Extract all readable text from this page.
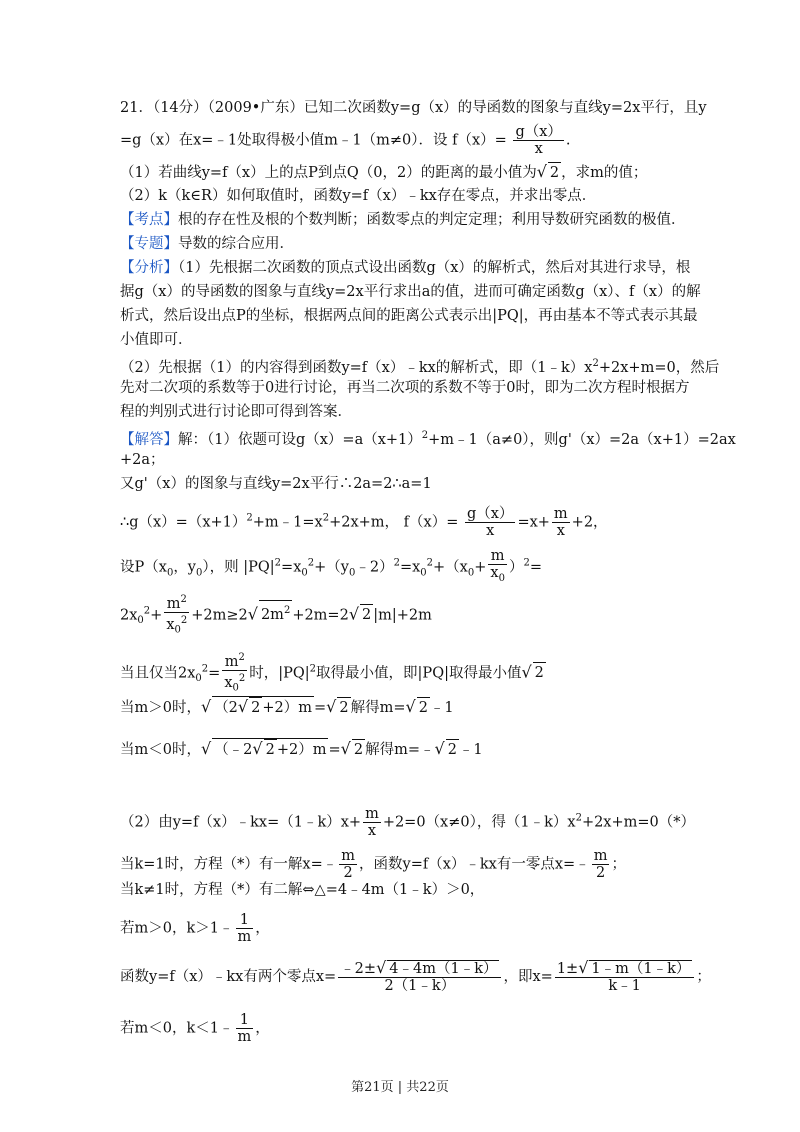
21．（14分）（2009•广东）已知二次函数y=g（x）的导函数的图象与直线y=2x平行，且y
=g（x）在x=﹣1处取得极小值m﹣1（m≠0）．设 $f(x)= \frac{g(x)}{x}$ .
（1）若曲线y=f（x）上的点P到点Q（0，2）的距离的最小值为√ 2 ，求m的值；
（2）k（k∈R）如何取值时，函数y=f（x）﹣kx存在零点，并求出零点．
【考点】根的存在性及根的个数判断；函数零点的判定定理；利用导数研究函数的极值．
【专题】导数的综合应用．
【分析】（1）先根据二次函数的顶点式设出函数g（x）的解析式，然后对其进行求导，根
据g（x）的导函数的图象与直线y=2x平行求出a的值，进而可确定函数g（x）、f（x）的解
析式，然后设出点P的坐标，根据两点间的距离公式表示出|PQ|，再由基本不等式表示其最
小值即可．
（2）先根据（1）的内容得到函数y=f（x）﹣kx的解析式，即$(1﹣k)x^2+2x+m=0$，然后
先对二次项的系数等于0进行讨论，再当二次项的系数不等于0时，即为二次方程时根据方
程的判别式进行讨论即可得到答案．
【解答】解：（1）依题可设$g(x)=a(x+1)^2+m﹣1(a\ne 0)$，则g'（x）=2a（x+1）=2ax
+2a；
又g'（x）的图象与直线y=2x平行∴2a=2∴a=1
$\therefore g(x)=(x+1)^2+m﹣1=x^2+2x+m$， $f(x)= \frac{g(x)}{x} =x+ \frac{m}{x} +2$，
设$P(x_0$，$y_0$），则 $|PQ|^2=x_0^2+(y_0﹣2)^2=x_0^2+(x_0+ \frac{m}{x_0} )^2=$
$2x_0^2+ \frac{m^2}{x_0^2} +2m\ge 2√$ $2m^2 +2m=2√$ 2 |m|+2m
当且仅当$2x_0^2= \frac{m^2}{x_0^2}$ 时，$|PQ|^2$取得最小值，即|PQ|取得最小值√ 2
当m＞0时，√ （2√ 2 +2）m =√ 2 解得m=√ 2 ﹣1
当m＜0时，√ （﹣2√ 2 +2）m =√ 2 解得m=﹣√ 2 ﹣1
（2）由y=f（x）﹣kx=（1﹣k）x+ $\frac{m}{x} +2=0(x\ne 0)$，得$(1﹣k)x^2+2x+m=0(*)$
当k=1时，方程（*）有一解x=﹣ $\frac{m}{2}$ ，函数y=f（x）﹣kx有一零点x=﹣ $\frac{m}{2}$ ；
当k≠1时，方程（*）有二解⇔△=4﹣4m（1﹣k）＞0，
若m＞0，k＞1﹣ $\frac{1}{m}$ ，
函数y=f（x）﹣kx有两个零点$x= \frac{﹣2\pm√ 4﹣4m(1﹣k)}{2(1﹣k)}$ ，即$x= \frac{1\pm√ 1﹣m(1﹣k)}{k﹣1}$ ；
若m＜0，k＜1﹣ $\frac{1}{m}$ ，
第21页 | 共22页
